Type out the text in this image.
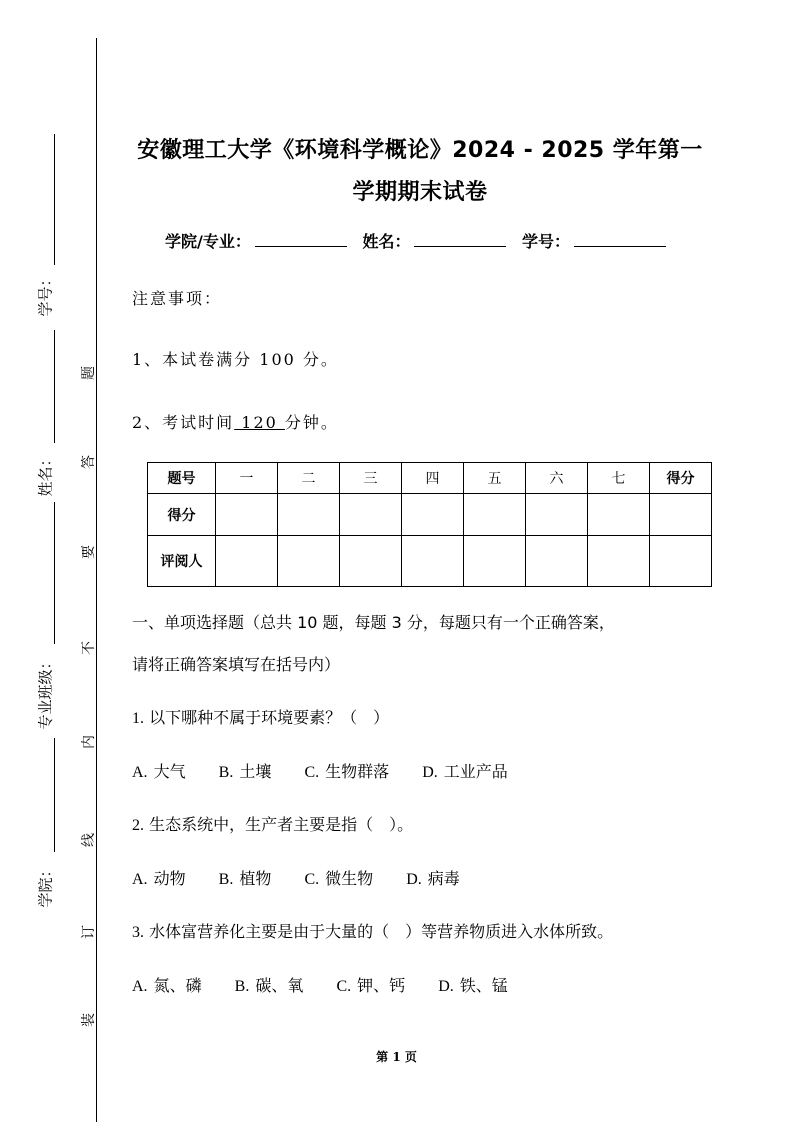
学号：
姓名：
专业班级：
学院：
题
答
要
不
内
线
订
装
安徽理工大学《环境科学概论》2024 - 2025 学年第一
学期期末试卷
学院/专业：	姓名：	学号：
注意事项：
1、本试卷满分 100 分。
2、考试时间 120 分钟。
题号	一	二	三	四	五	六	七	得分
得分								
评阅人								
一、单项选择题（总共 10 题，每题 3 分，每题只有一个正确答案，
请将正确答案填写在括号内）
1. 以下哪种不属于环境要素？（　）
A. 大气 B. 土壤 C. 生物群落 D. 工业产品
2. 生态系统中，生产者主要是指（　）。
A. 动物 B. 植物 C. 微生物 D. 病毒
3. 水体富营养化主要是由于大量的（　）等营养物质进入水体所致。
A. 氮、磷 B. 碳、氧 C. 钾、钙 D. 铁、锰
第 1 页
